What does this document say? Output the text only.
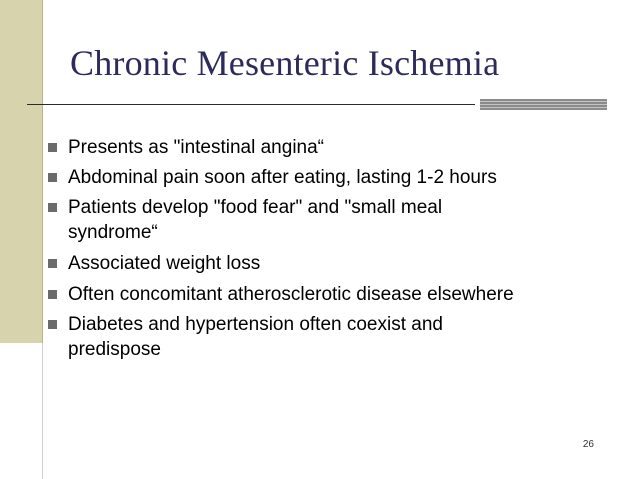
Chronic Mesenteric Ischemia
Presents as "intestinal angina“
Abdominal pain soon after eating, lasting 1-2 hours
Patients develop "food fear" and "small meal syndrome“
Associated weight loss
Often concomitant atherosclerotic disease elsewhere
Diabetes and hypertension often coexist and predispose
26
